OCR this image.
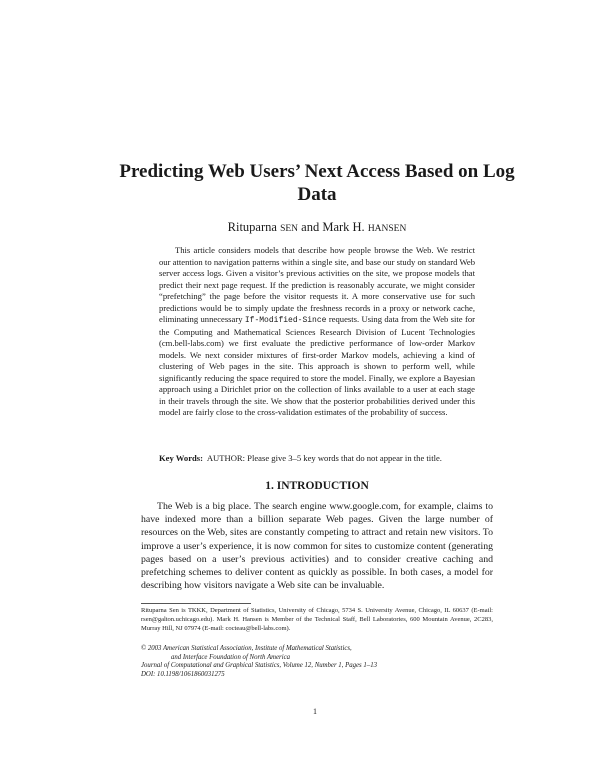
Predicting Web Users’ Next Access Based on Log Data

Rituparna SEN and Mark H. HANSEN

This article considers models that describe how people browse the Web. We restrict our attention to navigation patterns within a single site, and base our study on standard Web server access logs. Given a visitor’s previous activities on the site, we propose models that predict their next page request. If the prediction is reasonably accurate, we might consider “prefetching” the page before the visitor requests it. A more conservative use for such predictions would be to simply update the freshness records in a proxy or network cache, eliminating unnecessary If-Modified-Since requests. Using data from the Web site for the Computing and Mathematical Sciences Research Division of Lucent Technologies (cm.bell-labs.com) we first evaluate the predictive performance of low-order Markov models. We next consider mixtures of first-order Markov models, achieving a kind of clustering of Web pages in the site. This approach is shown to perform well, while significantly reducing the space required to store the model. Finally, we explore a Bayesian approach using a Dirichlet prior on the collection of links available to a user at each stage in their travels through the site. We show that the posterior probabilities derived under this model are fairly close to the cross-validation estimates of the probability of success.

Key Words: AUTHOR: Please give 3–5 key words that do not appear in the title.

1. INTRODUCTION

The Web is a big place. The search engine www.google.com, for example, claims to have indexed more than a billion separate Web pages. Given the large number of resources on the Web, sites are constantly competing to attract and retain new visitors. To improve a user’s experience, it is now common for sites to customize content (generating pages based on a user’s previous activities) and to consider creative caching and prefetching schemes to deliver content as quickly as possible. In both cases, a model for describing how visitors navigate a Web site can be invaluable.

Rituparna Sen is TKKK, Department of Statistics, University of Chicago, 5734 S. University Avenue, Chicago, IL 60637 (E-mail: rsen@galton.uchicago.edu). Mark H. Hansen is Member of the Technical Staff, Bell Laboratories, 600 Mountain Avenue, 2C283, Murray Hill, NJ 07974 (E-mail: cocteau@bell-labs.com).

© 2003 American Statistical Association, Institute of Mathematical Statistics,
and Interface Foundation of North America
Journal of Computational and Graphical Statistics, Volume 12, Number 1, Pages 1–13
DOI: 10.1198/1061860031275

1
